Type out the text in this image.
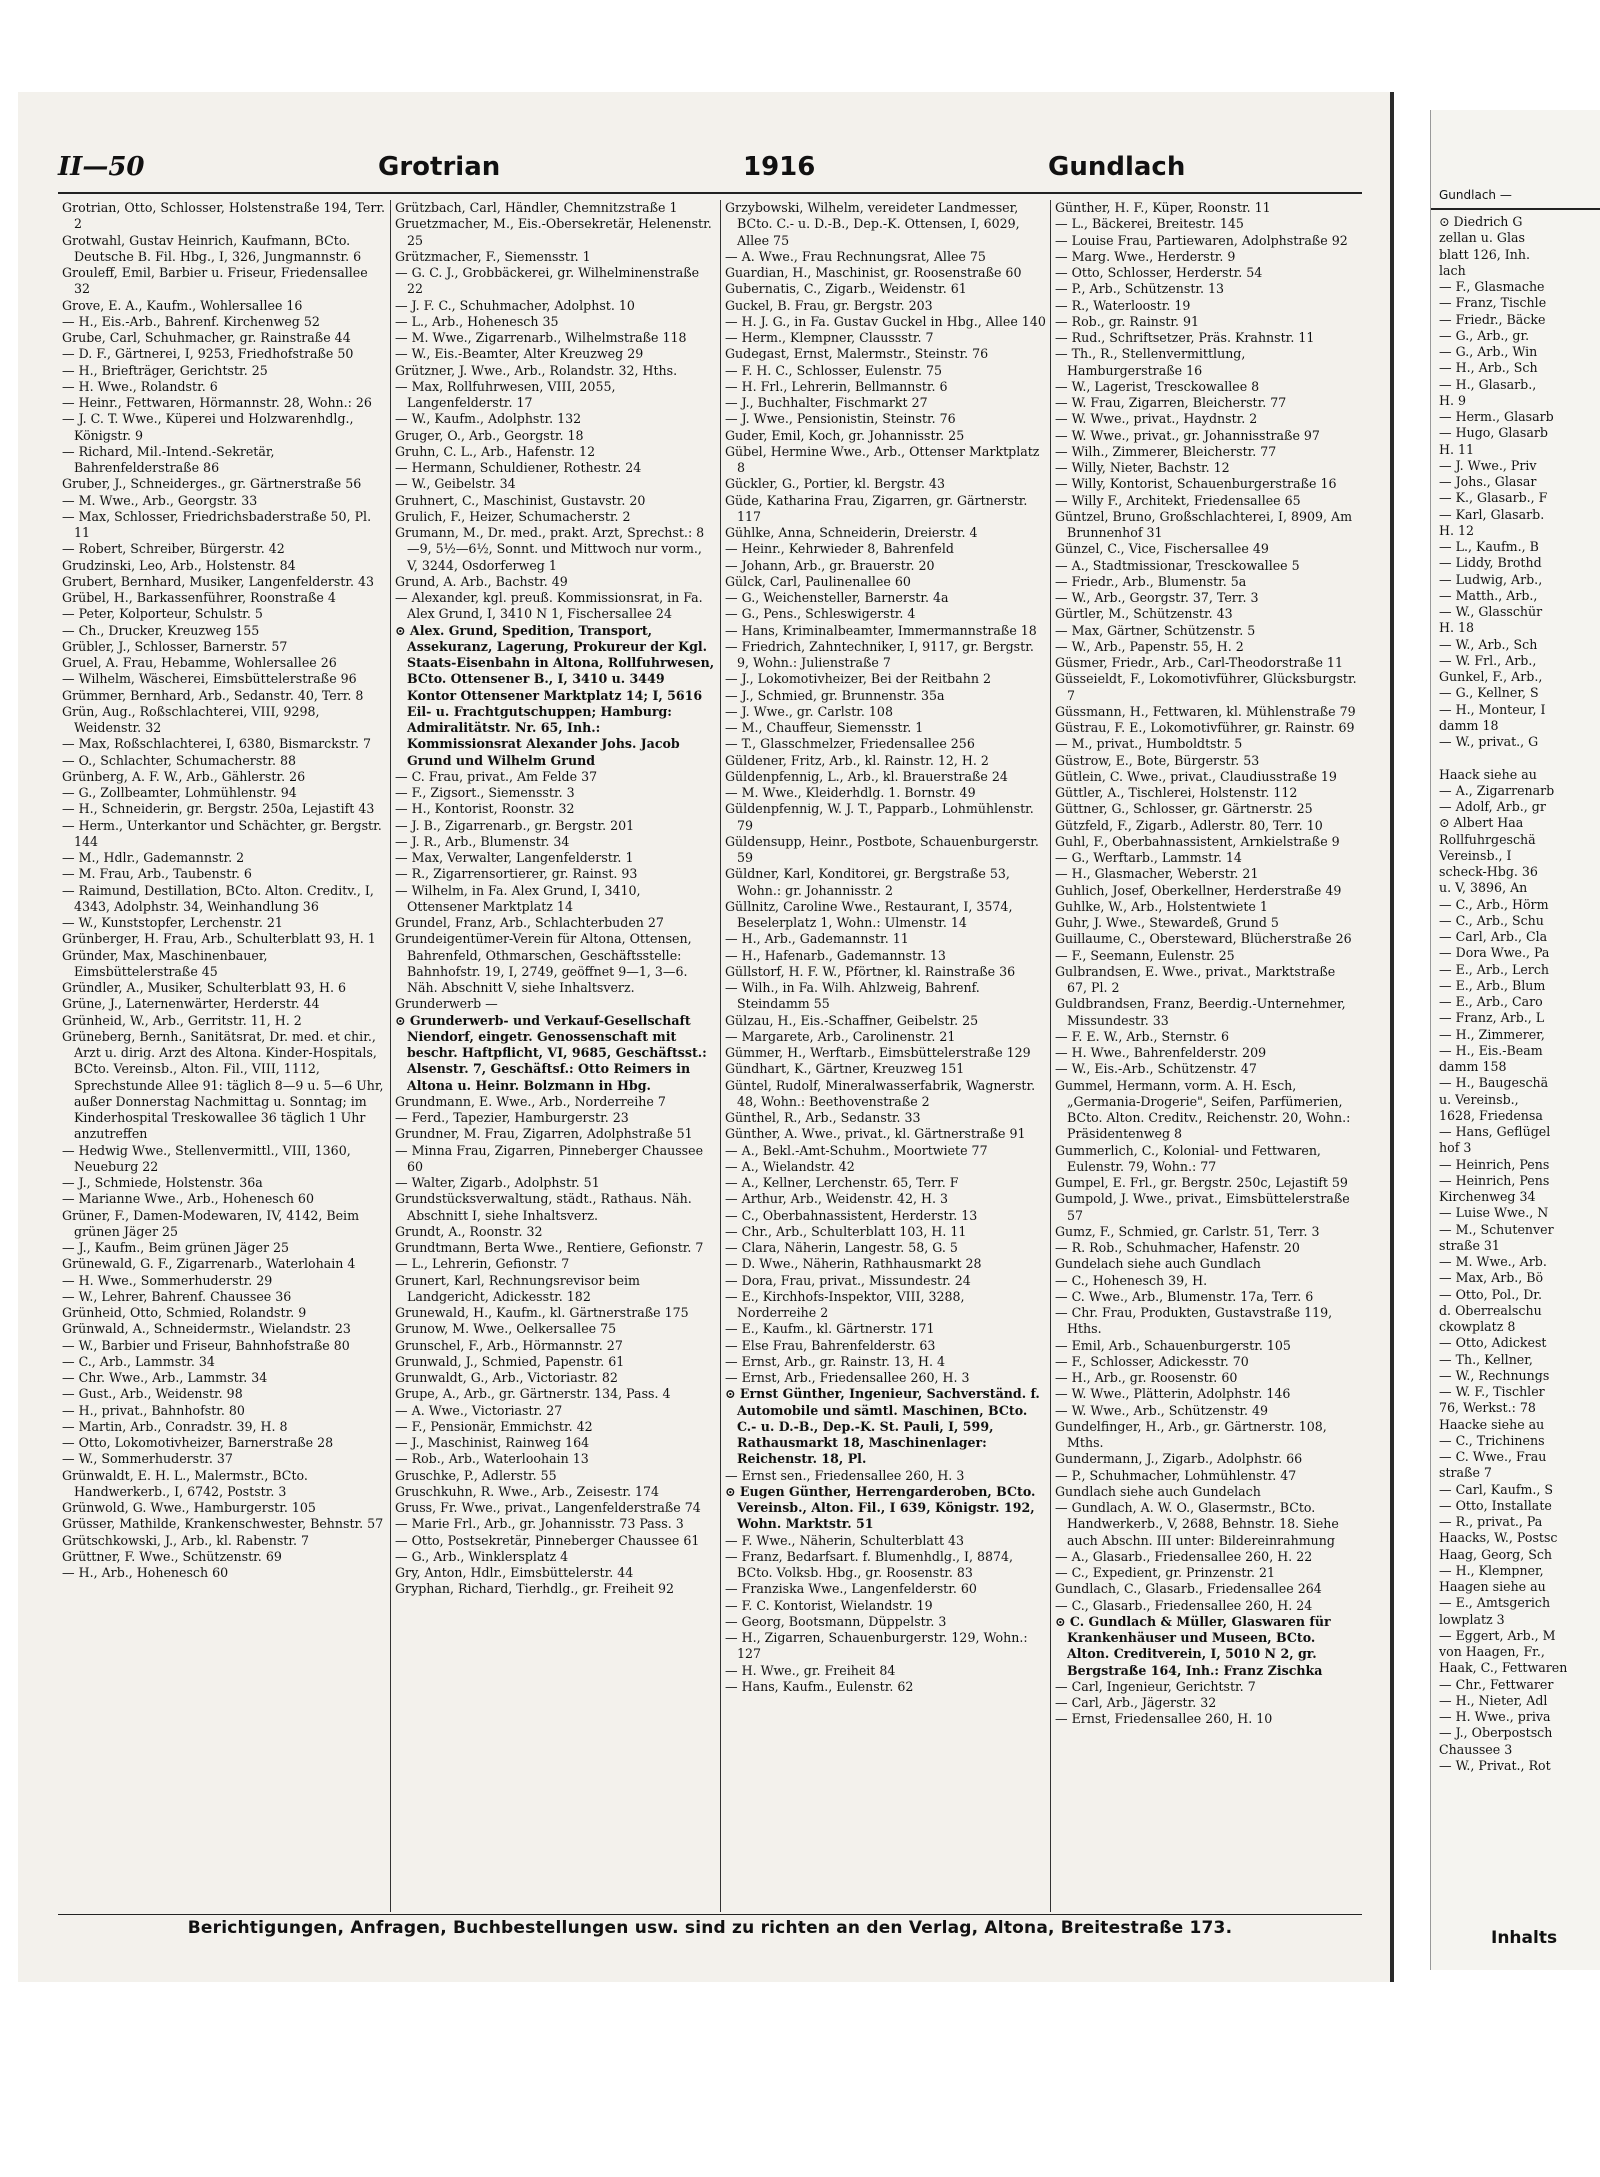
II—50	Grotrian	1916	Gundlach
Grotrian, Otto, Schlosser, Holstenstraße 194, Terr. 2
Grotwahl, Gustav Heinrich, Kaufmann, BCto. Deutsche B. Fil. Hbg., I, 326, Jungmannstr. 6
Grouleff, Emil, Barbier u. Friseur, Friedensallee 32
Grove, E. A., Kaufm., Wohlersallee 16
— H., Eis.-Arb., Bahrenf. Kirchenweg 52
Grube, Carl, Schuhmacher, gr. Rainstraße 44
— D. F., Gärtnerei, I, 9253, Friedhofstraße 50
— H., Briefträger, Gerichtstr. 25
— H. Wwe., Rolandstr. 6
— Heinr., Fettwaren, Hörmannstr. 28, Wohn.: 26
— J. C. T. Wwe., Küperei und Holzwarenhdlg., Königstr. 9
— Richard, Mil.-Intend.-Sekretär, Bahrenfelderstraße 86
Gruber, J., Schneiderges., gr. Gärtnerstraße 56
— M. Wwe., Arb., Georgstr. 33
— Max, Schlosser, Friedrichsbaderstraße 50, Pl. 11
— Robert, Schreiber, Bürgerstr. 42
Grudzinski, Leo, Arb., Holstenstr. 84
Grubert, Bernhard, Musiker, Langenfelderstr. 43
Grübel, H., Barkassenführer, Roonstraße 4
— Peter, Kolporteur, Schulstr. 5
— Ch., Drucker, Kreuzweg 155
Grübler, J., Schlosser, Barnerstr. 57
Gruel, A. Frau, Hebamme, Wohlersallee 26
— Wilhelm, Wäscherei, Eimsbüttelerstraße 96
Grümmer, Bernhard, Arb., Sedanstr. 40, Terr. 8
Grün, Aug., Roßschlachterei, VIII, 9298, Weidenstr. 32
— Max, Roßschlachterei, I, 6380, Bismarckstr. 7
— O., Schlachter, Schumacherstr. 88
Grünberg, A. F. W., Arb., Gählerstr. 26
— G., Zollbeamter, Lohmühlenstr. 94
— H., Schneiderin, gr. Bergstr. 250a, Lejastift 43
— Herm., Unterkantor und Schächter, gr. Bergstr. 144
— M., Hdlr., Gademannstr. 2
— M. Frau, Arb., Taubenstr. 6
— Raimund, Destillation, BCto. Alton. Creditv., I, 4343, Adolphstr. 34, Weinhandlung 36
— W., Kunststopfer, Lerchenstr. 21
Grünberger, H. Frau, Arb., Schulterblatt 93, H. 1
Gründer, Max, Maschinenbauer, Eimsbüttelerstraße 45
Gründler, A., Musiker, Schulterblatt 93, H. 6
Grüne, J., Laternenwärter, Herderstr. 44
Grünheid, W., Arb., Gerritstr. 11, H. 2
Grüneberg, Bernh., Sanitätsrat, Dr. med. et chir., Arzt u. dirig. Arzt des Altona. Kinder-Hospitals, BCto. Vereinsb., Alton. Fil., VIII, 1112, Sprechstunde Allee 91: täglich 8—9 u. 5—6 Uhr, außer Donnerstag Nachmittag u. Sonntag; im Kinderhospital Treskowallee 36 täglich 1 Uhr anzutreffen
— Hedwig Wwe., Stellenvermittl., VIII, 1360, Neueburg 22
— J., Schmiede, Holstenstr. 36a
— Marianne Wwe., Arb., Hohenesch 60
Grüner, F., Damen-Modewaren, IV, 4142, Beim grünen Jäger 25
— J., Kaufm., Beim grünen Jäger 25
Grünewald, G. F., Zigarrenarb., Waterlohain 4
— H. Wwe., Sommerhuderstr. 29
— W., Lehrer, Bahrenf. Chaussee 36
Grünheid, Otto, Schmied, Rolandstr. 9
Grünwald, A., Schneidermstr., Wielandstr. 23
— W., Barbier und Friseur, Bahnhofstraße 80
— C., Arb., Lammstr. 34
— Chr. Wwe., Arb., Lammstr. 34
— Gust., Arb., Weidenstr. 98
— H., privat., Bahnhofstr. 80
— Martin, Arb., Conradstr. 39, H. 8
— Otto, Lokomotivheizer, Barnerstraße 28
— W., Sommerhuderstr. 37
Grünwaldt, E. H. L., Malermstr., BCto. Handwerkerb., I, 6742, Poststr. 3
Grünwold, G. Wwe., Hamburgerstr. 105
Grüsser, Mathilde, Krankenschwester, Behnstr. 57
Grütschkowski, J., Arb., kl. Rabenstr. 7
Grüttner, F. Wwe., Schützenstr. 69
— H., Arb., Hohenesch 60
Grützbach, Carl, Händler, Chemnitzstraße 1
Gruetzmacher, M., Eis.-Obersekretär, Helenenstr. 25
Grützmacher, F., Siemensstr. 1
— G. C. J., Grobbäckerei, gr. Wilhelminenstraße 22
— J. F. C., Schuhmacher, Adolphst. 10
— L., Arb., Hohenesch 35
— M. Wwe., Zigarrenarb., Wilhelmstraße 118
— W., Eis.-Beamter, Alter Kreuzweg 29
Grützner, J. Wwe., Arb., Rolandstr. 32, Hths.
— Max, Rollfuhrwesen, VIII, 2055, Langenfelderstr. 17
— W., Kaufm., Adolphstr. 132
Gruger, O., Arb., Georgstr. 18
Gruhn, C. L., Arb., Hafenstr. 12
— Hermann, Schuldiener, Rothestr. 24
— W., Geibelstr. 34
Gruhnert, C., Maschinist, Gustavstr. 20
Grulich, F., Heizer, Schumacherstr. 2
Grumann, M., Dr. med., prakt. Arzt, Sprechst.: 8—9, 5½—6½, Sonnt. und Mittwoch nur vorm., V, 3244, Osdorferweg 1
Grund, A. Arb., Bachstr. 49
— Alexander, kgl. preuß. Kommissionsrat, in Fa. Alex Grund, I, 3410 N 1, Fischersallee 24
⊙ Alex. Grund, Spedition, Transport, Assekuranz, Lagerung, Prokureur der Kgl. Staats-Eisenbahn in Altona, Rollfuhrwesen, BCto. Ottensener B., I, 3410 u. 3449 Kontor Ottensener Marktplatz 14; I, 5616 Eil- u. Frachtgutschuppen; Hamburg: Admiralitätstr. Nr. 65, Inh.: Kommissionsrat Alexander Johs. Jacob Grund und Wilhelm Grund
— C. Frau, privat., Am Felde 37
— F., Zigsort., Siemensstr. 3
— H., Kontorist, Roonstr. 32
— J. B., Zigarrenarb., gr. Bergstr. 201
— J. R., Arb., Blumenstr. 34
— Max, Verwalter, Langenfelderstr. 1
— R., Zigarrensortierer, gr. Rainst. 93
— Wilhelm, in Fa. Alex Grund, I, 3410, Ottensener Marktplatz 14
Grundel, Franz, Arb., Schlachterbuden 27
Grundeigentümer-Verein für Altona, Ottensen, Bahrenfeld, Othmarschen, Geschäftsstelle: Bahnhofstr. 19, I, 2749, geöffnet 9—1, 3—6. Näh. Abschnitt V, siehe Inhaltsverz.
Grunderwerb —
⊙ Grunderwerb- und Verkauf-Gesellschaft Niendorf, eingetr. Genossenschaft mit beschr. Haftpflicht, VI, 9685, Geschäftsst.: Alsenstr. 7, Geschäftsf.: Otto Reimers in Altona u. Heinr. Bolzmann in Hbg.
Grundmann, E. Wwe., Arb., Norderreihe 7
— Ferd., Tapezier, Hamburgerstr. 23
Grundner, M. Frau, Zigarren, Adolphstraße 51
— Minna Frau, Zigarren, Pinneberger Chaussee 60
— Walter, Zigarb., Adolphstr. 51
Grundstücksverwaltung, städt., Rathaus. Näh. Abschnitt I, siehe Inhaltsverz.
Grundt, A., Roonstr. 32
Grundtmann, Berta Wwe., Rentiere, Gefionstr. 7
— L., Lehrerin, Gefionstr. 7
Grunert, Karl, Rechnungsrevisor beim Landgericht, Adickesstr. 182
Grunewald, H., Kaufm., kl. Gärtnerstraße 175
Grunow, M. Wwe., Oelkersallee 75
Grunschel, F., Arb., Hörmannstr. 27
Grunwald, J., Schmied, Papenstr. 61
Grunwaldt, G., Arb., Victoriastr. 82
Grupe, A., Arb., gr. Gärtnerstr. 134, Pass. 4
— A. Wwe., Victoriastr. 27
— F., Pensionär, Emmichstr. 42
— J., Maschinist, Rainweg 164
— Rob., Arb., Waterloohain 13
Gruschke, P., Adlerstr. 55
Gruschkuhn, R. Wwe., Arb., Zeisestr. 174
Gruss, Fr. Wwe., privat., Langenfelderstraße 74
— Marie Frl., Arb., gr. Johannisstr. 73 Pass. 3
— Otto, Postsekretär, Pinneberger Chaussee 61
— G., Arb., Winklersplatz 4
Gry, Anton, Hdlr., Eimsbüttelerstr. 44
Gryphan, Richard, Tierhdlg., gr. Freiheit 92
Grzybowski, Wilhelm, vereideter Landmesser, BCto. C.- u. D.-B., Dep.-K. Ottensen, I, 6029, Allee 75
— A. Wwe., Frau Rechnungsrat, Allee 75
Guardian, H., Maschinist, gr. Roosenstraße 60
Gubernatis, C., Zigarb., Weidenstr. 61
Guckel, B. Frau, gr. Bergstr. 203
— H. J. G., in Fa. Gustav Guckel in Hbg., Allee 140
— Herm., Klempner, Claussstr. 7
Gudegast, Ernst, Malermstr., Steinstr. 76
— F. H. C., Schlosser, Eulenstr. 75
— H. Frl., Lehrerin, Bellmannstr. 6
— J., Buchhalter, Fischmarkt 27
— J. Wwe., Pensionistin, Steinstr. 76
Guder, Emil, Koch, gr. Johannisstr. 25
Gübel, Hermine Wwe., Arb., Ottenser Marktplatz 8
Gückler, G., Portier, kl. Bergstr. 43
Güde, Katharina Frau, Zigarren, gr. Gärtnerstr. 117
Gühlke, Anna, Schneiderin, Dreierstr. 4
— Heinr., Kehrwieder 8, Bahrenfeld
— Johann, Arb., gr. Brauerstr. 20
Gülck, Carl, Paulinenallee 60
— G., Weichensteller, Barnerstr. 4a
— G., Pens., Schleswigerstr. 4
— Hans, Kriminalbeamter, Immermannstraße 18
— Friedrich, Zahntechniker, I, 9117, gr. Bergstr. 9, Wohn.: Julienstraße 7
— J., Lokomotivheizer, Bei der Reitbahn 2
— J., Schmied, gr. Brunnenstr. 35a
— J. Wwe., gr. Carlstr. 108
— M., Chauffeur, Siemensstr. 1
— T., Glasschmelzer, Friedensallee 256
Güldener, Fritz, Arb., kl. Rainstr. 12, H. 2
Güldenpfennig, L., Arb., kl. Brauerstraße 24
— M. Wwe., Kleiderhdlg. 1. Bornstr. 49
Güldenpfennig, W. J. T., Papparb., Lohmühlenstr. 79
Güldensupp, Heinr., Postbote, Schauenburgerstr. 59
Güldner, Karl, Konditorei, gr. Bergstraße 53, Wohn.: gr. Johannisstr. 2
Güllnitz, Caroline Wwe., Restaurant, I, 3574, Beselerplatz 1, Wohn.: Ulmenstr. 14
— H., Arb., Gademannstr. 11
— H., Hafenarb., Gademannstr. 13
Güllstorf, H. F. W., Pförtner, kl. Rainstraße 36
— Wilh., in Fa. Wilh. Ahlzweig, Bahrenf. Steindamm 55
Gülzau, H., Eis.-Schaffner, Geibelstr. 25
— Margarete, Arb., Carolinenstr. 21
Gümmer, H., Werftarb., Eimsbüttelerstraße 129
Gündhart, K., Gärtner, Kreuzweg 151
Güntel, Rudolf, Mineralwasserfabrik, Wagnerstr. 48, Wohn.: Beethovenstraße 2
Günthel, R., Arb., Sedanstr. 33
Günther, A. Wwe., privat., kl. Gärtnerstraße 91
— A., Bekl.-Amt-Schuhm., Moortwiete 77
— A., Wielandstr. 42
— A., Kellner, Lerchenstr. 65, Terr. F
— Arthur, Arb., Weidenstr. 42, H. 3
— C., Oberbahnassistent, Herderstr. 13
— Chr., Arb., Schulterblatt 103, H. 11
— Clara, Näherin, Langestr. 58, G. 5
— D. Wwe., Näherin, Rathhausmarkt 28
— Dora, Frau, privat., Missundestr. 24
— E., Kirchhofs-Inspektor, VIII, 3288, Norderreihe 2
— E., Kaufm., kl. Gärtnerstr. 171
— Else Frau, Bahrenfelderstr. 63
— Ernst, Arb., gr. Rainstr. 13, H. 4
— Ernst, Arb., Friedensallee 260, H. 3
⊙ Ernst Günther, Ingenieur, Sachverständ. f. Automobile und sämtl. Maschinen, BCto. C.- u. D.-B., Dep.-K. St. Pauli, I, 599, Rathausmarkt 18, Maschinenlager: Reichenstr. 18, Pl.
— Ernst sen., Friedensallee 260, H. 3
⊙ Eugen Günther, Herrengarderoben, BCto. Vereinsb., Alton. Fil., I 639, Königstr. 192, Wohn. Marktstr. 51
— F. Wwe., Näherin, Schulterblatt 43
— Franz, Bedarfsart. f. Blumenhdlg., I, 8874, BCto. Volksb. Hbg., gr. Roosenstr. 83
— Franziska Wwe., Langenfelderstr. 60
— F. C. Kontorist, Wielandstr. 19
— Georg, Bootsmann, Düppelstr. 3
— H., Zigarren, Schauenburgerstr. 129, Wohn.: 127
— H. Wwe., gr. Freiheit 84
— Hans, Kaufm., Eulenstr. 62
Günther, H. F., Küper, Roonstr. 11
— L., Bäckerei, Breitestr. 145
— Louise Frau, Partiewaren, Adolphstraße 92
— Marg. Wwe., Herderstr. 9
— Otto, Schlosser, Herderstr. 54
— P., Arb., Schützenstr. 13
— R., Waterloostr. 19
— Rob., gr. Rainstr. 91
— Rud., Schriftsetzer, Präs. Krahnstr. 11
— Th., R., Stellenvermittlung, Hamburgerstraße 16
— W., Lagerist, Tresckowallee 8
— W. Frau, Zigarren, Bleicherstr. 77
— W. Wwe., privat., Haydnstr. 2
— W. Wwe., privat., gr. Johannisstraße 97
— Wilh., Zimmerer, Bleicherstr. 77
— Willy, Nieter, Bachstr. 12
— Willy, Kontorist, Schauenburgerstraße 16
— Willy F., Architekt, Friedensallee 65
Güntzel, Bruno, Großschlachterei, I, 8909, Am Brunnenhof 31
Günzel, C., Vice, Fischersallee 49
— A., Stadtmissionar, Tresckowallee 5
— Friedr., Arb., Blumenstr. 5a
— W., Arb., Georgstr. 37, Terr. 3
Gürtler, M., Schützenstr. 43
— Max, Gärtner, Schützenstr. 5
— W., Arb., Papenstr. 55, H. 2
Güsmer, Friedr., Arb., Carl-Theodorstraße 11
Güsseieldt, F., Lokomotivführer, Glücksburgstr. 7
Güssmann, H., Fettwaren, kl. Mühlenstraße 79
Güstrau, F. E., Lokomotivführer, gr. Rainstr. 69
— M., privat., Humboldtstr. 5
Güstrow, E., Bote, Bürgerstr. 53
Gütlein, C. Wwe., privat., Claudiusstraße 19
Güttler, A., Tischlerei, Holstenstr. 112
Güttner, G., Schlosser, gr. Gärtnerstr. 25
Gützfeld, F., Zigarb., Adlerstr. 80, Terr. 10
Guhl, F., Oberbahnassistent, Arnkielstraße 9
— G., Werftarb., Lammstr. 14
— H., Glasmacher, Weberstr. 21
Guhlich, Josef, Oberkellner, Herderstraße 49
Guhlke, W., Arb., Holstentwiete 1
Guhr, J. Wwe., Stewardeß, Grund 5
Guillaume, C., Obersteward, Blücherstraße 26
— F., Seemann, Eulenstr. 25
Gulbrandsen, E. Wwe., privat., Marktstraße 67, Pl. 2
Guldbrandsen, Franz, Beerdig.-Unternehmer, Missundestr. 33
— F. E. W., Arb., Sternstr. 6
— H. Wwe., Bahrenfelderstr. 209
— W., Eis.-Arb., Schützenstr. 47
Gummel, Hermann, vorm. A. H. Esch, „Germania-Drogerie", Seifen, Parfümerien, BCto. Alton. Creditv., Reichenstr. 20, Wohn.: Präsidentenweg 8
Gummerlich, C., Kolonial- und Fettwaren, Eulenstr. 79, Wohn.: 77
Gumpel, E. Frl., gr. Bergstr. 250c, Lejastift 59
Gumpold, J. Wwe., privat., Eimsbüttelerstraße 57
Gumz, F., Schmied, gr. Carlstr. 51, Terr. 3
— R. Rob., Schuhmacher, Hafenstr. 20
Gundelach siehe auch Gundlach
— C., Hohenesch 39, H.
— C. Wwe., Arb., Blumenstr. 17a, Terr. 6
— Chr. Frau, Produkten, Gustavstraße 119, Hths.
— Emil, Arb., Schauenburgerstr. 105
— F., Schlosser, Adickesstr. 70
— H., Arb., gr. Roosenstr. 60
— W. Wwe., Plätterin, Adolphstr. 146
— W. Wwe., Arb., Schützenstr. 49
Gundelfinger, H., Arb., gr. Gärtnerstr. 108, Mths.
Gundermann, J., Zigarb., Adolphstr. 66
— P., Schuhmacher, Lohmühlenstr. 47
Gundlach siehe auch Gundelach
— Gundlach, A. W. O., Glasermstr., BCto. Handwerkerb., V, 2688, Behnstr. 18. Siehe auch Abschn. III unter: Bildereinrahmung
— A., Glasarb., Friedensallee 260, H. 22
— C., Expedient, gr. Prinzenstr. 21
Gundlach, C., Glasarb., Friedensallee 264
— C., Glasarb., Friedensallee 260, H. 24
⊙ C. Gundlach & Müller, Glaswaren für Krankenhäuser und Museen, BCto. Alton. Creditverein, I, 5010 N 2, gr. Bergstraße 164, Inh.: Franz Zischka
— Carl, Ingenieur, Gerichtstr. 7
— Carl, Arb., Jägerstr. 32
— Ernst, Friedensallee 260, H. 10
Berichtigungen, Anfragen, Buchbestellungen usw. sind zu richten an den Verlag, Altona, Breitestraße 173.
Gundlach —
⊙ Diedrich G
zellan u. Glas
blatt 126, Inh.
lach
— F., Glasmache
— Franz, Tischle
— Friedr., Bäcke
— G., Arb., gr.
— G., Arb., Win
— H., Arb., Sch
— H., Glasarb.,
H. 9
— Herm., Glasarb
— Hugo, Glasarb
H. 11
— J. Wwe., Priv
— Johs., Glasar
— K., Glasarb., F
— Karl, Glasarb.
H. 12
— L., Kaufm., B
— Liddy, Brothd
— Ludwig, Arb.,
— Matth., Arb.,
— W., Glasschür
H. 18
— W., Arb., Sch
— W. Frl., Arb.,
Gunkel, F., Arb.,
— G., Kellner, S
— H., Monteur, I
damm 18
— W., privat., G

Haack siehe au
— A., Zigarrenarb
— Adolf, Arb., gr
⊙ Albert Haa
Rollfuhrgeschä
Vereinsb., I
scheck-Hbg. 36
u. V, 3896, An
— C., Arb., Hörm
— C., Arb., Schu
— Carl, Arb., Cla
— Dora Wwe., Pa
— E., Arb., Lerch
— E., Arb., Blum
— E., Arb., Caro
— Franz, Arb., L
— H., Zimmerer,
— H., Eis.-Beam
damm 158
— H., Baugeschä
u. Vereinsb.,
1628, Friedensa
— Hans, Geflügel
hof 3
— Heinrich, Pens
— Heinrich, Pens
Kirchenweg 34
— Luise Wwe., N
— M., Schutenver
straße 31
— M. Wwe., Arb.
— Max, Arb., Bö
— Otto, Pol., Dr.
d. Oberrealschu
ckowplatz 8
— Otto, Adickest
— Th., Kellner,
— W., Rechnungs
— W. F., Tischler
76, Werkst.: 78
Haacke siehe au
— C., Trichinens
— C. Wwe., Frau
straße 7
— Carl, Kaufm., S
— Otto, Installate
— R., privat., Pa
Haacks, W., Postsc
Haag, Georg, Sch
— H., Klempner,
Haagen siehe au
— E., Amtsgerich
lowplatz 3
— Eggert, Arb., M
von Haagen, Fr.,
Haak, C., Fettwaren
— Chr., Fettwarer
— H., Nieter, Adl
— H. Wwe., priva
— J., Oberpostsch
Chaussee 3
— W., Privat., Rot
Inhalts
